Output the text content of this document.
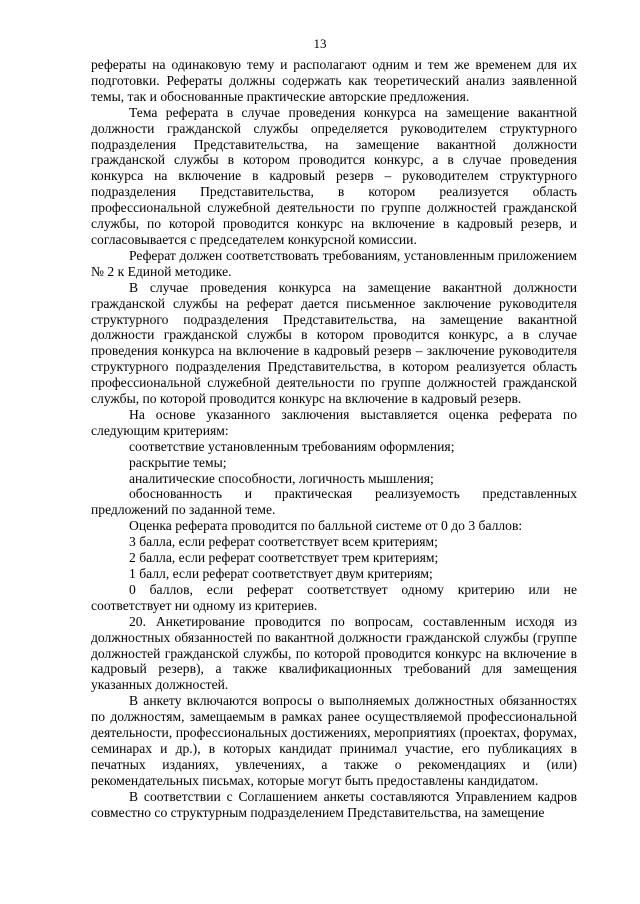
13

рефераты на одинаковую тему и располагают одним и тем же временем для их подготовки. Рефераты должны содержать как теоретический анализ заявленной темы, так и обоснованные практические авторские предложения.

Тема реферата в случае проведения конкурса на замещение вакантной должности гражданской службы определяется руководителем структурного подразделения Представительства, на замещение вакантной должности гражданской службы в котором проводится конкурс, а в случае проведения конкурса на включение в кадровый резерв – руководителем структурного подразделения Представительства, в котором реализуется область профессиональной служебной деятельности по группе должностей гражданской службы, по которой проводится конкурс на включение в кадровый резерв, и согласовывается с председателем конкурсной комиссии.

Реферат должен соответствовать требованиям, установленным приложением № 2 к Единой методике.

В случае проведения конкурса на замещение вакантной должности гражданской службы на реферат дается письменное заключение руководителя структурного подразделения Представительства, на замещение вакантной должности гражданской службы в котором проводится конкурс, а в случае проведения конкурса на включение в кадровый резерв – заключение руководителя структурного подразделения Представительства, в котором реализуется область профессиональной служебной деятельности по группе должностей гражданской службы, по которой проводится конкурс на включение в кадровый резерв.

На основе указанного заключения выставляется оценка реферата по следующим критериям:

соответствие установленным требованиям оформления;

раскрытие темы;

аналитические способности, логичность мышления;

обоснованность и практическая реализуемость представленных предложений по заданной теме.

Оценка реферата проводится по балльной системе от 0 до 3 баллов:

3 балла, если реферат соответствует всем критериям;

2 балла, если реферат соответствует трем критериям;

1 балл, если реферат соответствует двум критериям;

0 баллов, если реферат соответствует одному критерию или не соответствует ни одному из критериев.

20. Анкетирование проводится по вопросам, составленным исходя из должностных обязанностей по вакантной должности гражданской службы (группе должностей гражданской службы, по которой проводится конкурс на включение в кадровый резерв), а также квалификационных требований для замещения указанных должностей.

В анкету включаются вопросы о выполняемых должностных обязанностях по должностям, замещаемым в рамках ранее осуществляемой профессиональной деятельности, профессиональных достижениях, мероприятиях (проектах, форумах, семинарах и др.), в которых кандидат принимал участие, его публикациях в печатных изданиях, увлечениях, а также о рекомендациях и (или) рекомендательных письмах, которые могут быть предоставлены кандидатом.

В соответствии с Соглашением анкеты составляются Управлением кадров совместно со структурным подразделением Представительства, на замещение
